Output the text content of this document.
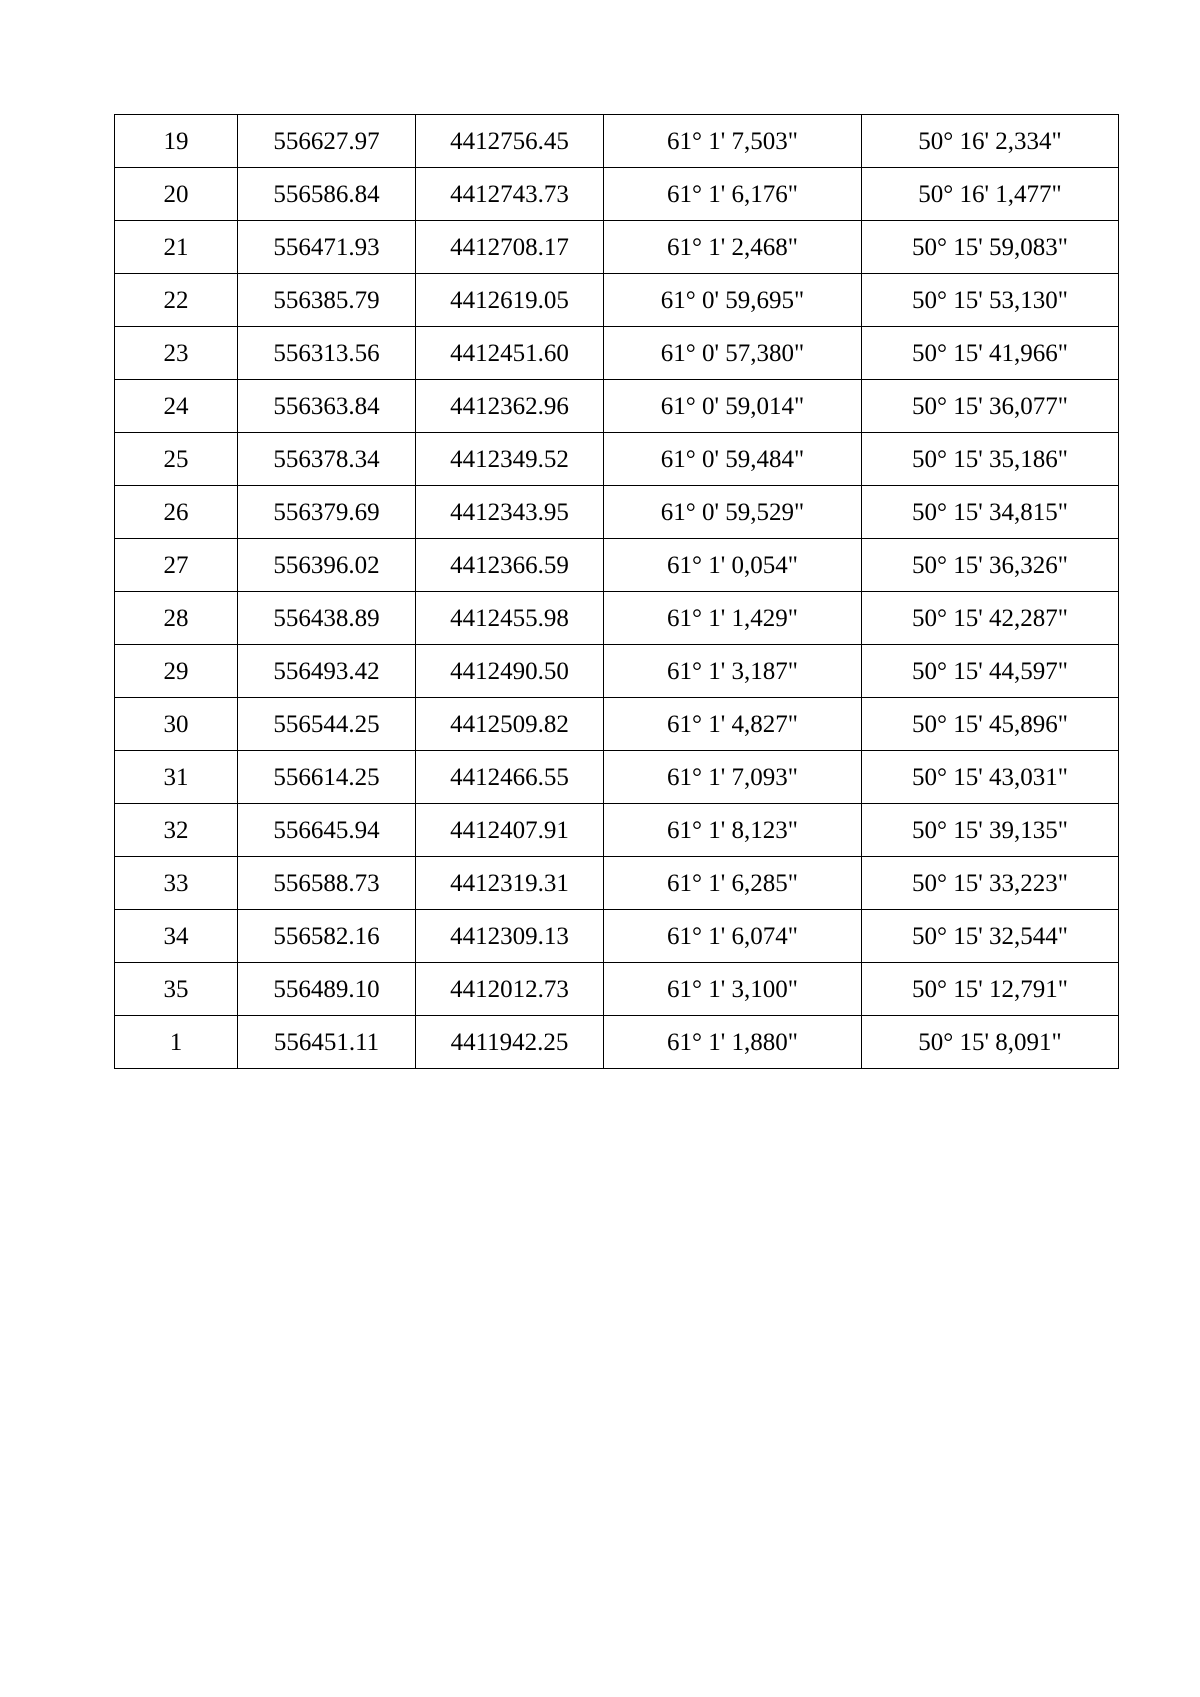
19	556627.97	4412756.45	61° 1' 7,503"	50° 16' 2,334"
20	556586.84	4412743.73	61° 1' 6,176"	50° 16' 1,477"
21	556471.93	4412708.17	61° 1' 2,468"	50° 15' 59,083"
22	556385.79	4412619.05	61° 0' 59,695"	50° 15' 53,130"
23	556313.56	4412451.60	61° 0' 57,380"	50° 15' 41,966"
24	556363.84	4412362.96	61° 0' 59,014"	50° 15' 36,077"
25	556378.34	4412349.52	61° 0' 59,484"	50° 15' 35,186"
26	556379.69	4412343.95	61° 0' 59,529"	50° 15' 34,815"
27	556396.02	4412366.59	61° 1' 0,054"	50° 15' 36,326"
28	556438.89	4412455.98	61° 1' 1,429"	50° 15' 42,287"
29	556493.42	4412490.50	61° 1' 3,187"	50° 15' 44,597"
30	556544.25	4412509.82	61° 1' 4,827"	50° 15' 45,896"
31	556614.25	4412466.55	61° 1' 7,093"	50° 15' 43,031"
32	556645.94	4412407.91	61° 1' 8,123"	50° 15' 39,135"
33	556588.73	4412319.31	61° 1' 6,285"	50° 15' 33,223"
34	556582.16	4412309.13	61° 1' 6,074"	50° 15' 32,544"
35	556489.10	4412012.73	61° 1' 3,100"	50° 15' 12,791"
1	556451.11	4411942.25	61° 1' 1,880"	50° 15' 8,091"
